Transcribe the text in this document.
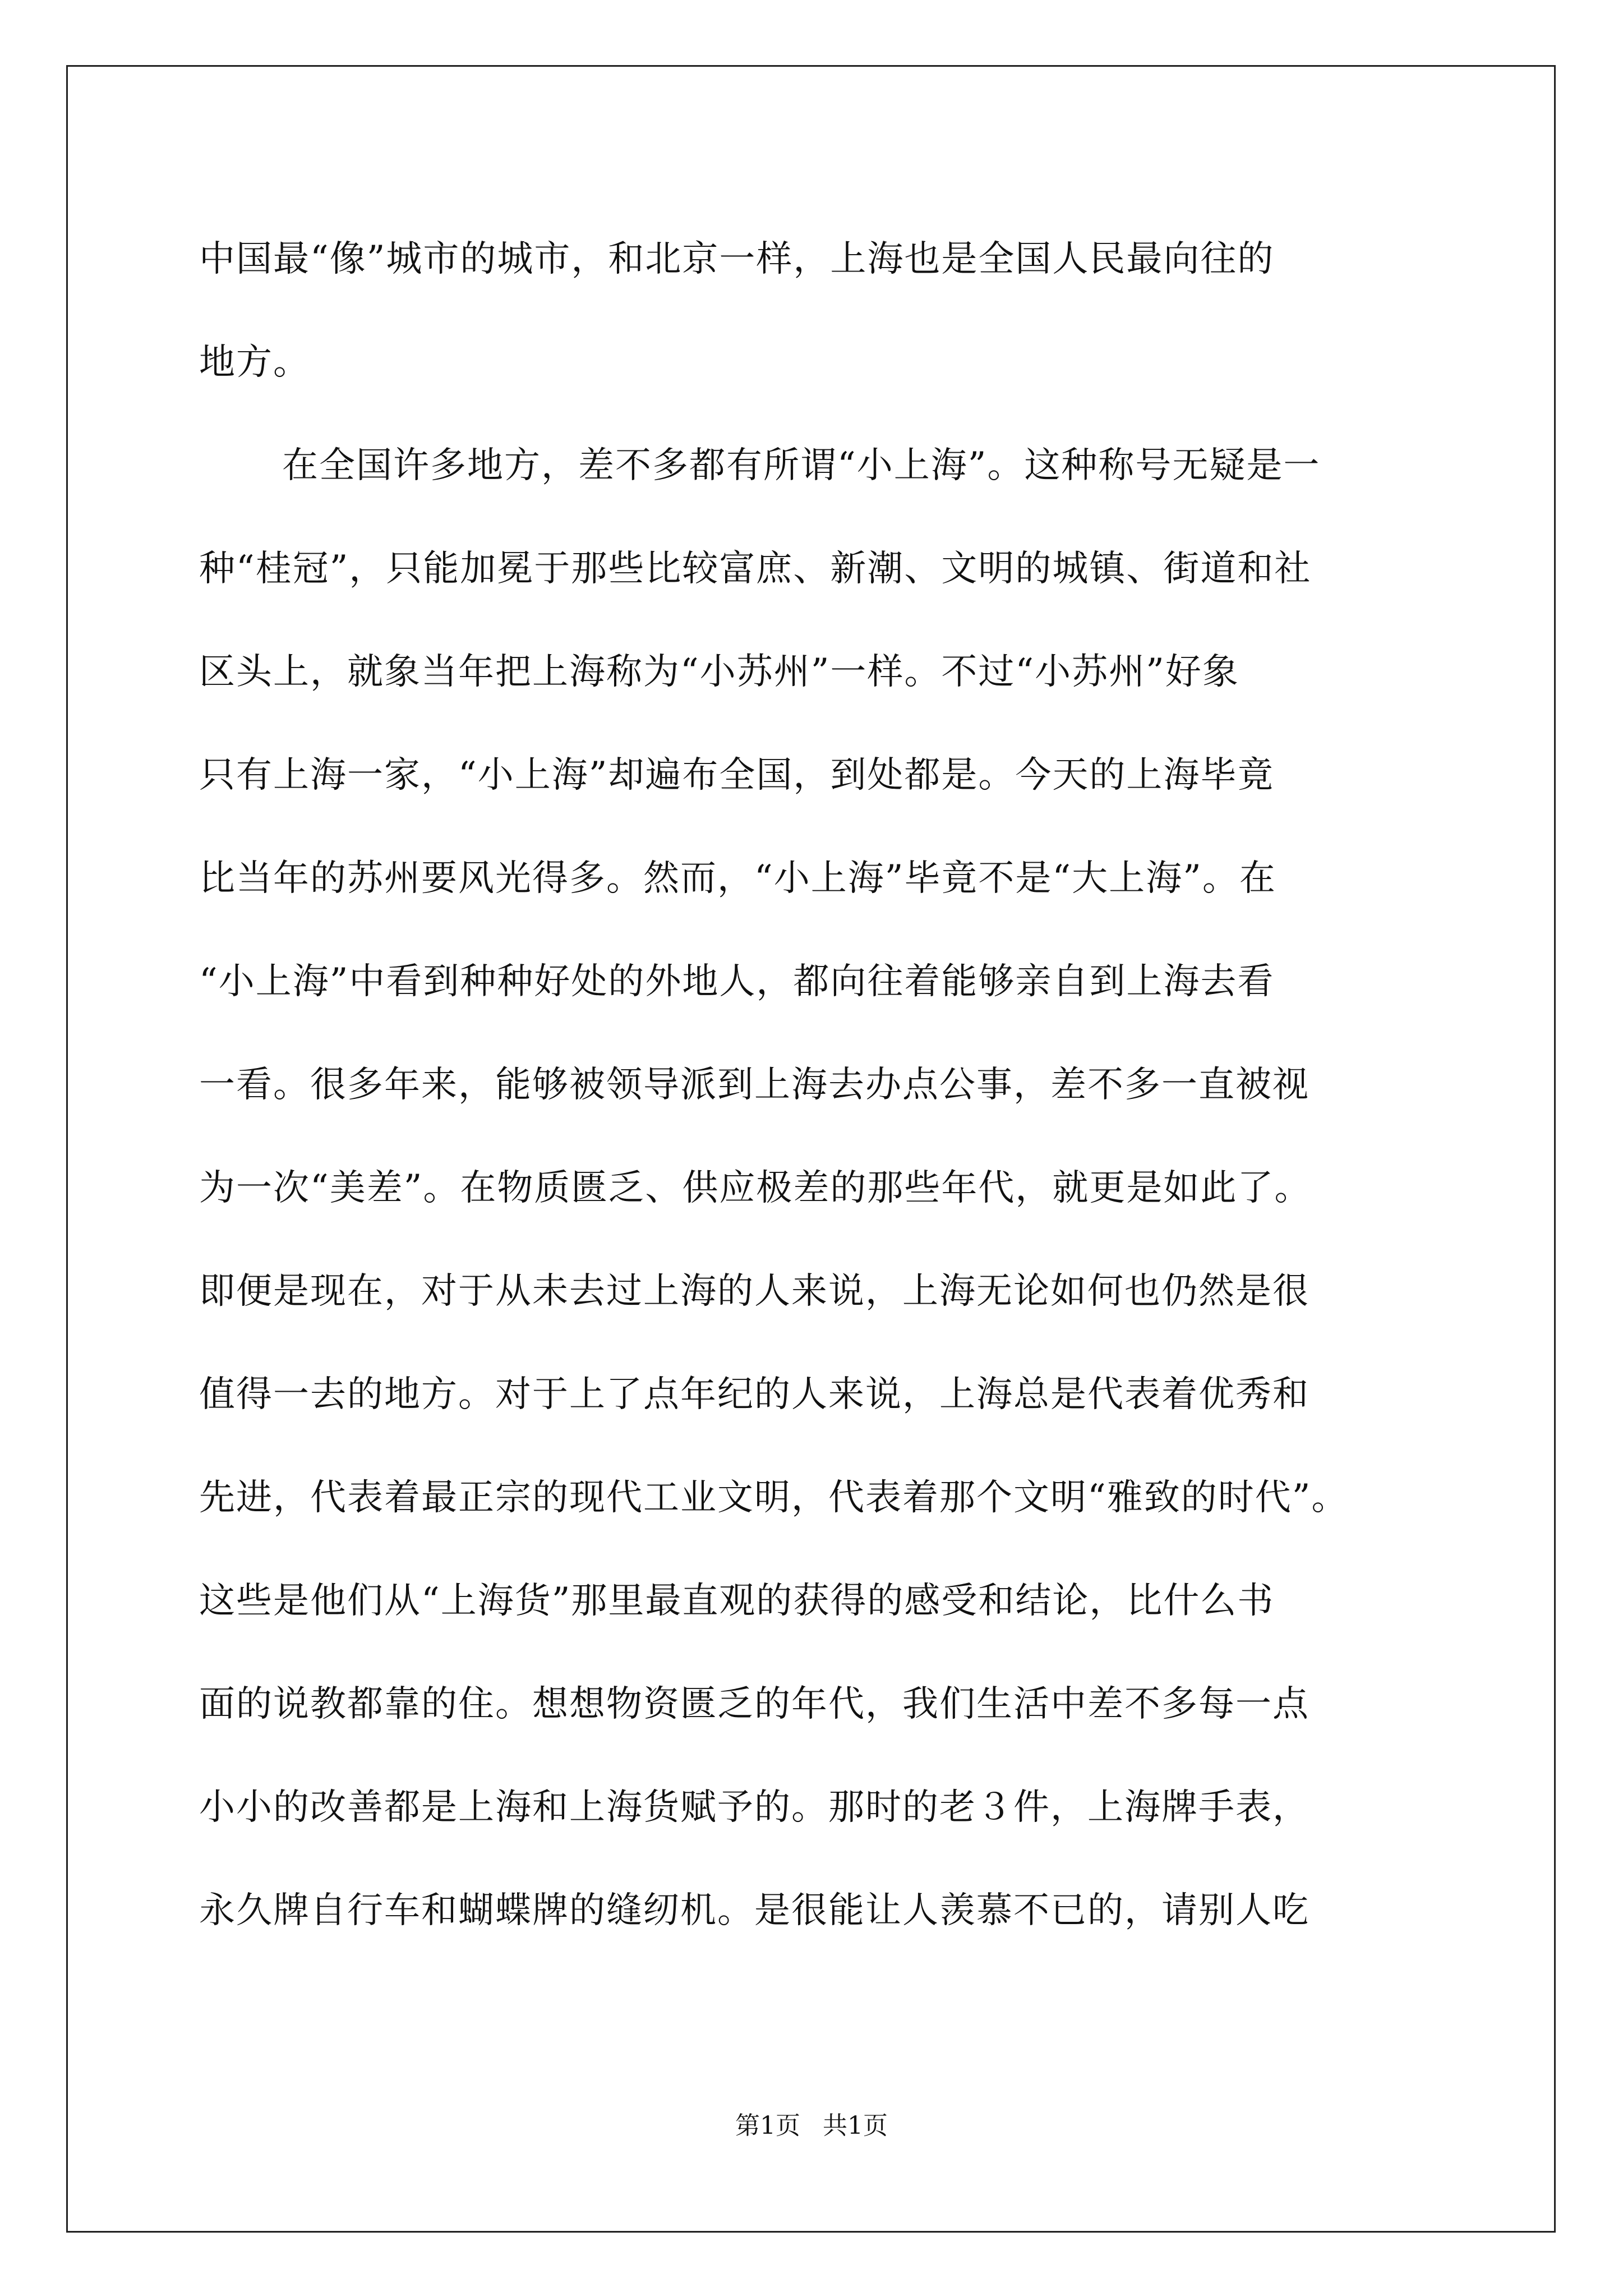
中国最“像”城市的城市，和北京一样，上海也是全国人民最向往的
地方。
在全国许多地方，差不多都有所谓“小上海”。这种称号无疑是一
种“桂冠”，只能加冕于那些比较富庶、新潮、文明的城镇、街道和社
区头上，就象当年把上海称为“小苏州”一样。不过“小苏州”好象
只有上海一家，“小上海”却遍布全国，到处都是。今天的上海毕竟
比当年的苏州要风光得多。然而，“小上海”毕竟不是“大上海”。在
“小上海”中看到种种好处的外地人，都向往着能够亲自到上海去看
一看。很多年来，能够被领导派到上海去办点公事，差不多一直被视
为一次“美差”。在物质匮乏、供应极差的那些年代，就更是如此了。
即便是现在，对于从未去过上海的人来说，上海无论如何也仍然是很
值得一去的地方。对于上了点年纪的人来说，上海总是代表着优秀和
先进，代表着最正宗的现代工业文明，代表着那个文明“雅致的时代”。
这些是他们从“上海货”那里最直观的获得的感受和结论，比什么书
面的说教都靠的住。想想物资匮乏的年代，我们生活中差不多每一点
小小的改善都是上海和上海货赋予的。那时的老３件，上海牌手表，
永久牌自行车和蝴蝶牌的缝纫机。是很能让人羡慕不已的，请别人吃
第1页 共1页
